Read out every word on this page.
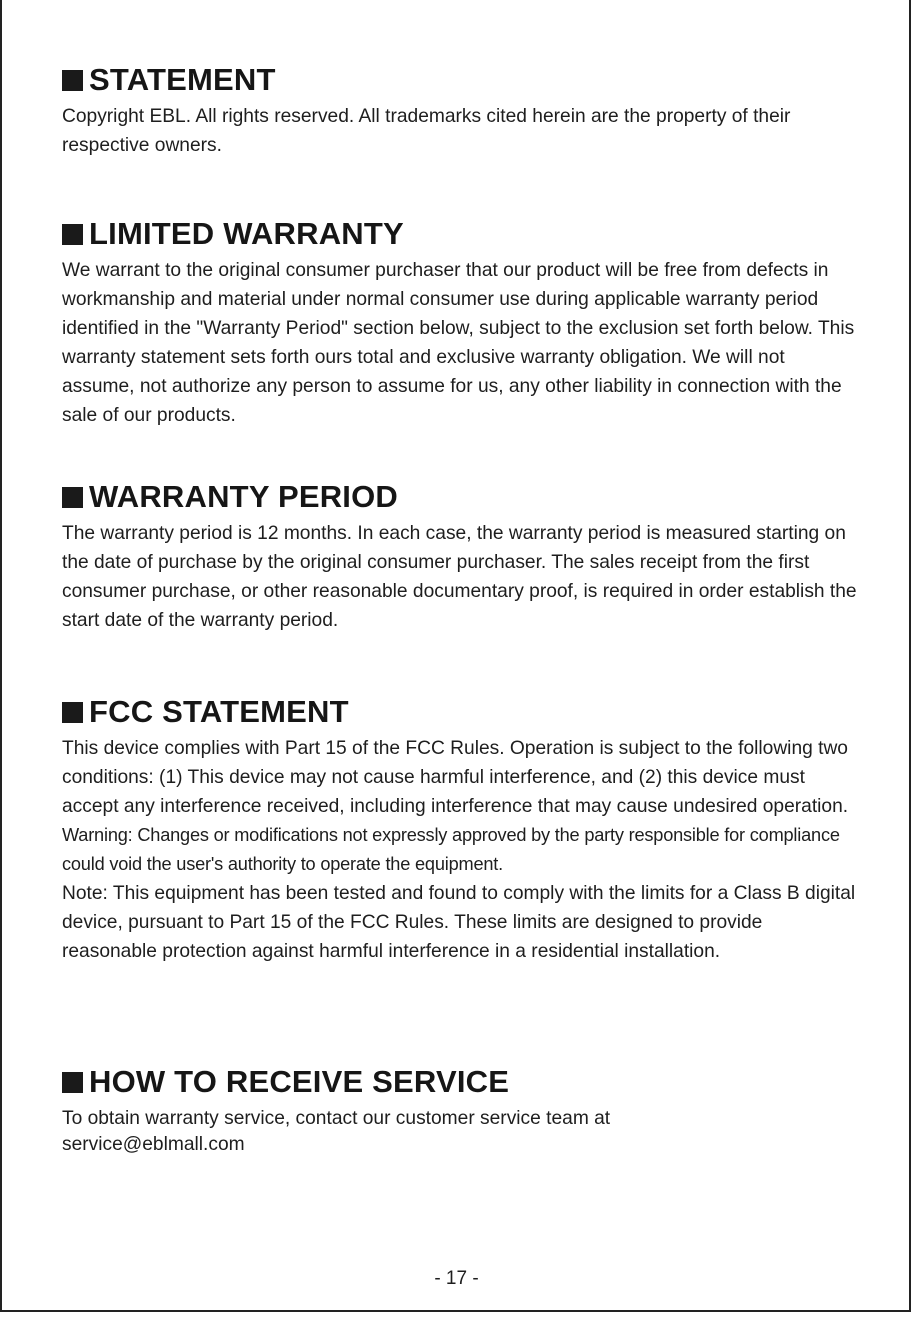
STATEMENT

Copyright EBL. All rights reserved. All trademarks cited herein are the property of their respective owners.

LIMITED WARRANTY

We warrant to the original consumer purchaser that our product will be free from defects in workmanship and material under normal consumer use during applicable warranty period identified in the "Warranty Period" section below, subject to the exclusion set forth below. This warranty statement sets forth ours total and exclusive warranty obligation. We will not assume, not authorize any person to assume for us, any other liability in connection with the sale of our products.

WARRANTY PERIOD

The warranty period is 12 months. In each case, the warranty period is measured starting on the date of purchase by the original consumer purchaser. The sales receipt from the first consumer purchase, or other reasonable documentary proof, is required in order establish the start date of the warranty period.

FCC STATEMENT

This device complies with Part 15 of the FCC Rules. Operation is subject to the following two conditions: (1) This device may not cause harmful interference, and (2) this device must accept any interference received, including interference that may cause undesired operation.

Warning: Changes or modifications not expressly approved by the party responsible for compliance could void the user's authority to operate the equipment.

Note: This equipment has been tested and found to comply with the limits for a Class B digital device, pursuant to Part 15 of the FCC Rules. These limits are designed to provide reasonable protection against harmful interference in a residential installation.

HOW TO RECEIVE SERVICE

To obtain warranty service, contact our customer service team at

service@eblmall.com

- 17 -
